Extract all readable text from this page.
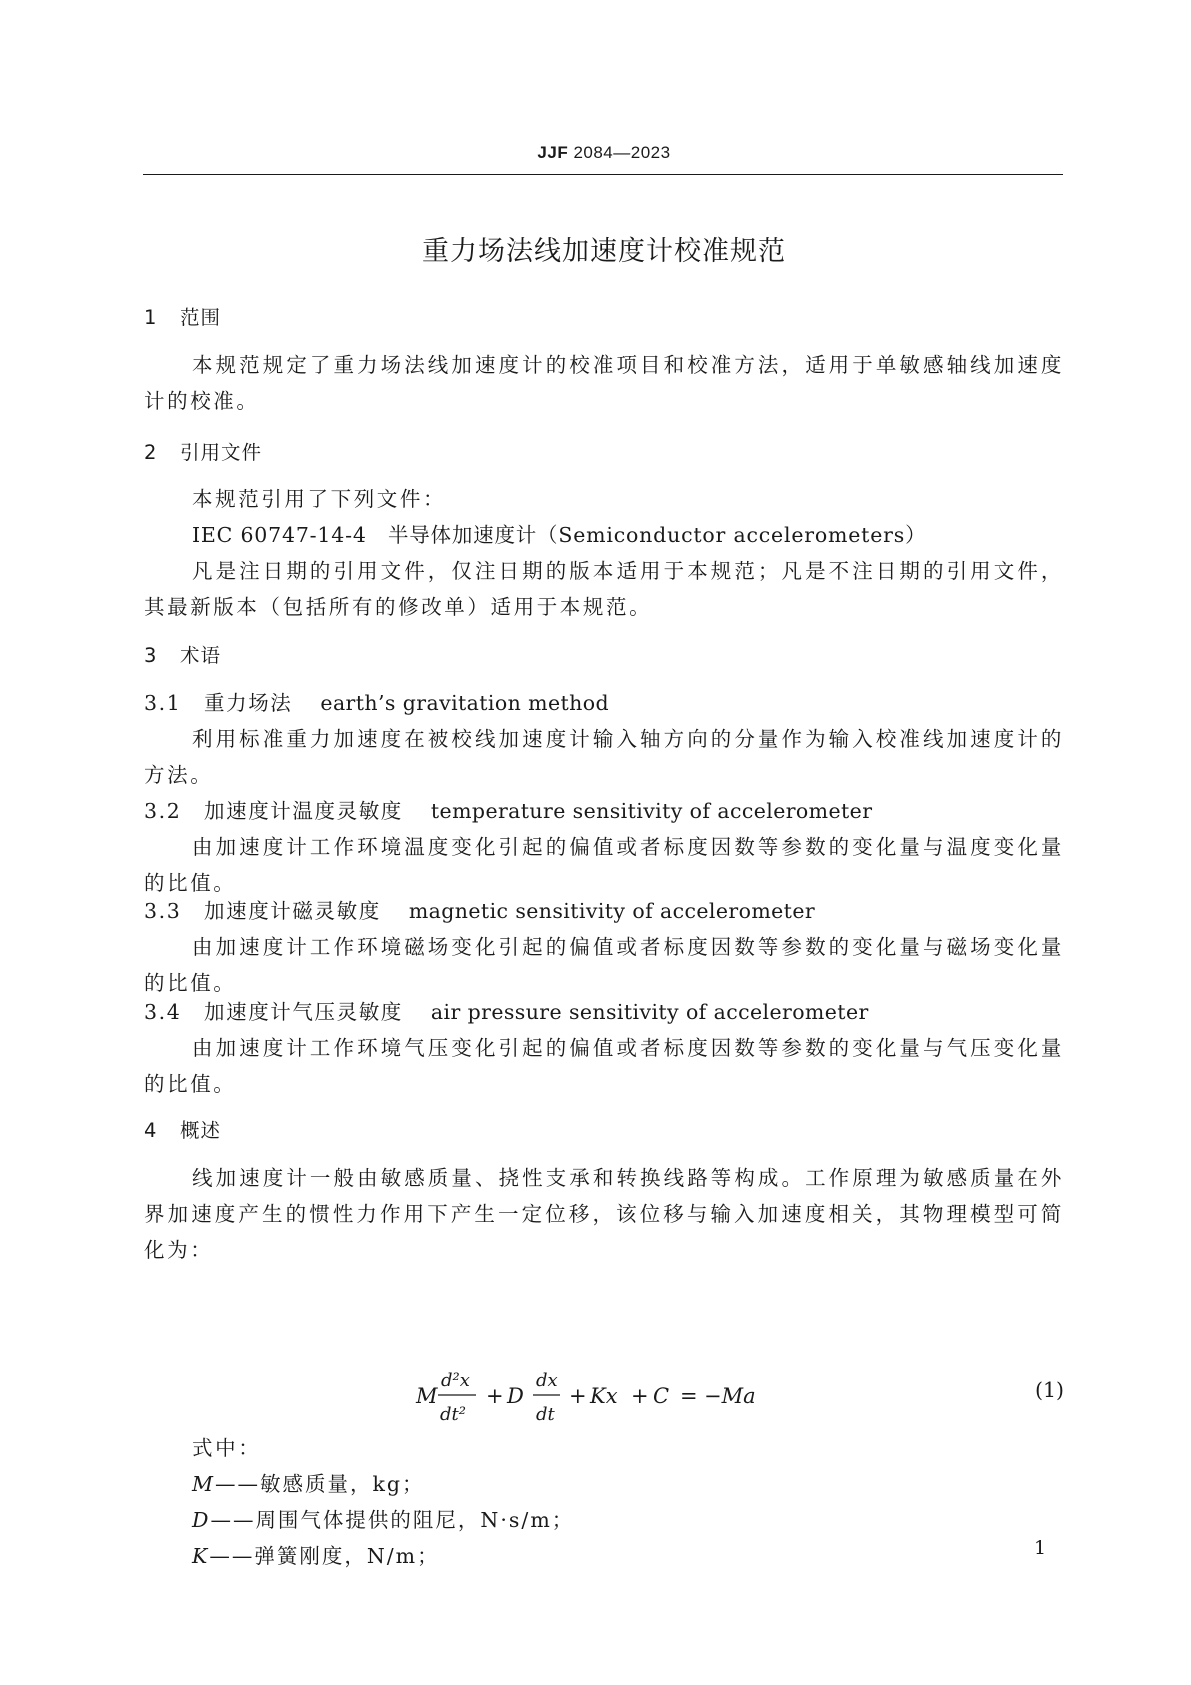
JJF 2084—2023
重力场法线加速度计校准规范
1 范围
本规范规定了重力场法线加速度计的校准项目和校准方法，适用于单敏感轴线加速度计的校准。
2 引用文件
本规范引用了下列文件：
IEC 60747-14-4　半导体加速度计（Semiconductor accelerometers）
凡是注日期的引用文件，仅注日期的版本适用于本规范；凡是不注日期的引用文件，其最新版本（包括所有的修改单）适用于本规范。
3 术语
3.1 重力场法 earth’s gravitation method
利用标准重力加速度在被校线加速度计输入轴方向的分量作为输入校准线加速度计的方法。
3.2 加速度计温度灵敏度 temperature sensitivity of accelerometer
由加速度计工作环境温度变化引起的偏值或者标度因数等参数的变化量与温度变化量的比值。
3.3 加速度计磁灵敏度 magnetic sensitivity of accelerometer
由加速度计工作环境磁场变化引起的偏值或者标度因数等参数的变化量与磁场变化量的比值。
3.4 加速度计气压灵敏度 air pressure sensitivity of accelerometer
由加速度计工作环境气压变化引起的偏值或者标度因数等参数的变化量与气压变化量的比值。
4 概述
线加速度计一般由敏感质量、挠性支承和转换线路等构成。工作原理为敏感质量在外界加速度产生的惯性力作用下产生一定位移，该位移与输入加速度相关，其物理模型可简化为：
M
d²x
dt²
+ D
dx
dt
+ Kx + C = −Ma	(1)
式中：
M——敏感质量，kg；
D——周围气体提供的阻尼，N·s/m；
K——弹簧刚度，N/m；	1
